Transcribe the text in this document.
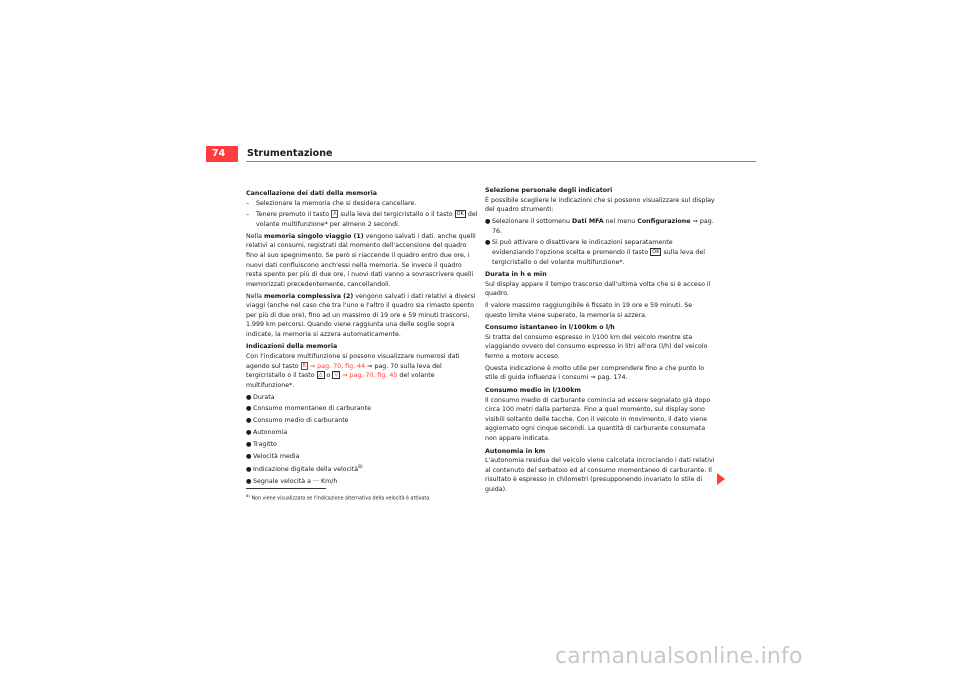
74 Strumentazione
Cancellazione dei dati della memoria

– Selezionare la memoria che si desidera cancellare.

– Tenere premuto il tasto A sulla leva del tergicristallo o il tasto OK del volante multifunzione* per almeno 2 secondi.

Nella memoria singolo viaggio (1) vengono salvati i dati. anche quelli relativi ai consumi, registrati dal momento dell'accensione del quadro fino al suo spegnimento. Se però si riaccende il quadro entro due ore, i nuovi dati confluiscono anch'essi nella memoria. Se invece il quadro resta spento per più di due ore, i nuovi dati vanno a sovrascrivere quelli memorizzati precedentemente, cancellandoli.

Nella memoria complessiva (2) vengono salvati i dati relativi a diversi viaggi (anche nel caso che tra l'uno e l'altro il quadro sia rimasto spento per più di due ore), fino ad un massimo di 19 ore e 59 minuti trascorsi, 1.999 km percorsi. Quando viene raggiunta una delle soglie sopra indicate, la memoria si azzera automaticamente.

Indicazioni della memoria

Con l'indicatore multifunzione si possono visualizzare numerosi dati agendo sul tasto B ⇒ pag. 70, fig. 44 ⇒ pag. 70 sulla leva del tergicristallo o il tasto △ o ▽ ⇒ pag. 70, fig. 45 del volante multifunzione*.

● Durata

● Consumo momentaneo di carburante

● Consumo medio di carburante

● Autonomia

● Tragitto

● Velocità media

● Indicazione digitale della velocità$^{8)}$

● Segnale velocità a ··· Km/h

$^{8)}$ Non viene visualizzato se l'indicazione alternativa della velocità è attivata.
Selezione personale degli indicatori

È possibile scegliere le indicazioni che si possono visualizzare sul display del quadro strumenti:

● Selezionare il sottomenu Dati MFA nel menu Configurazione ⇒ pag. 76.

● Si può attivare o disattivare le indicazioni separatamente evidenziando l'opzione scelta e premendo il tasto OK sulla leva del tergicristallo o del volante multifunzione*.

Durata in h e min

Sul display appare il tempo trascorso dall'ultima volta che si è acceso il quadro.

Il valore massimo raggiungibile è fissato in 19 ore e 59 minuti. Se questo limite viene superato, la memoria si azzera.

Consumo istantaneo in l/100km o l/h

Si tratta del consumo espresso in l/100 km del veicolo mentre sta viaggiando ovvero del consumo espresso in litri all'ora (l/h) del veicolo fermo a motore acceso.

Questa indicazione è molto utile per comprendere fino a che punto lo stile di guida influenza i consumi ⇒ pag. 174.

Consumo medio in l/100km

Il consumo medio di carburante comincia ad essere segnalato già dopo circa 100 metri dalla partenza. Fino a quel momento, sul display sono visibili soltanto delle tacche. Con il veicolo in movimento, il dato viene aggiornato ogni cinque secondi. La quantità di carburante consumata non appare indicata.

Autonomia in km

L'autonomia residua del veicolo viene calcolata incrociando i dati relativi al contenuto del serbatoio ed al consumo momentaneo di carburante. Il risultato è espresso in chilometri (presupponendo invariato lo stile di guida).

carmanualsonline.info
